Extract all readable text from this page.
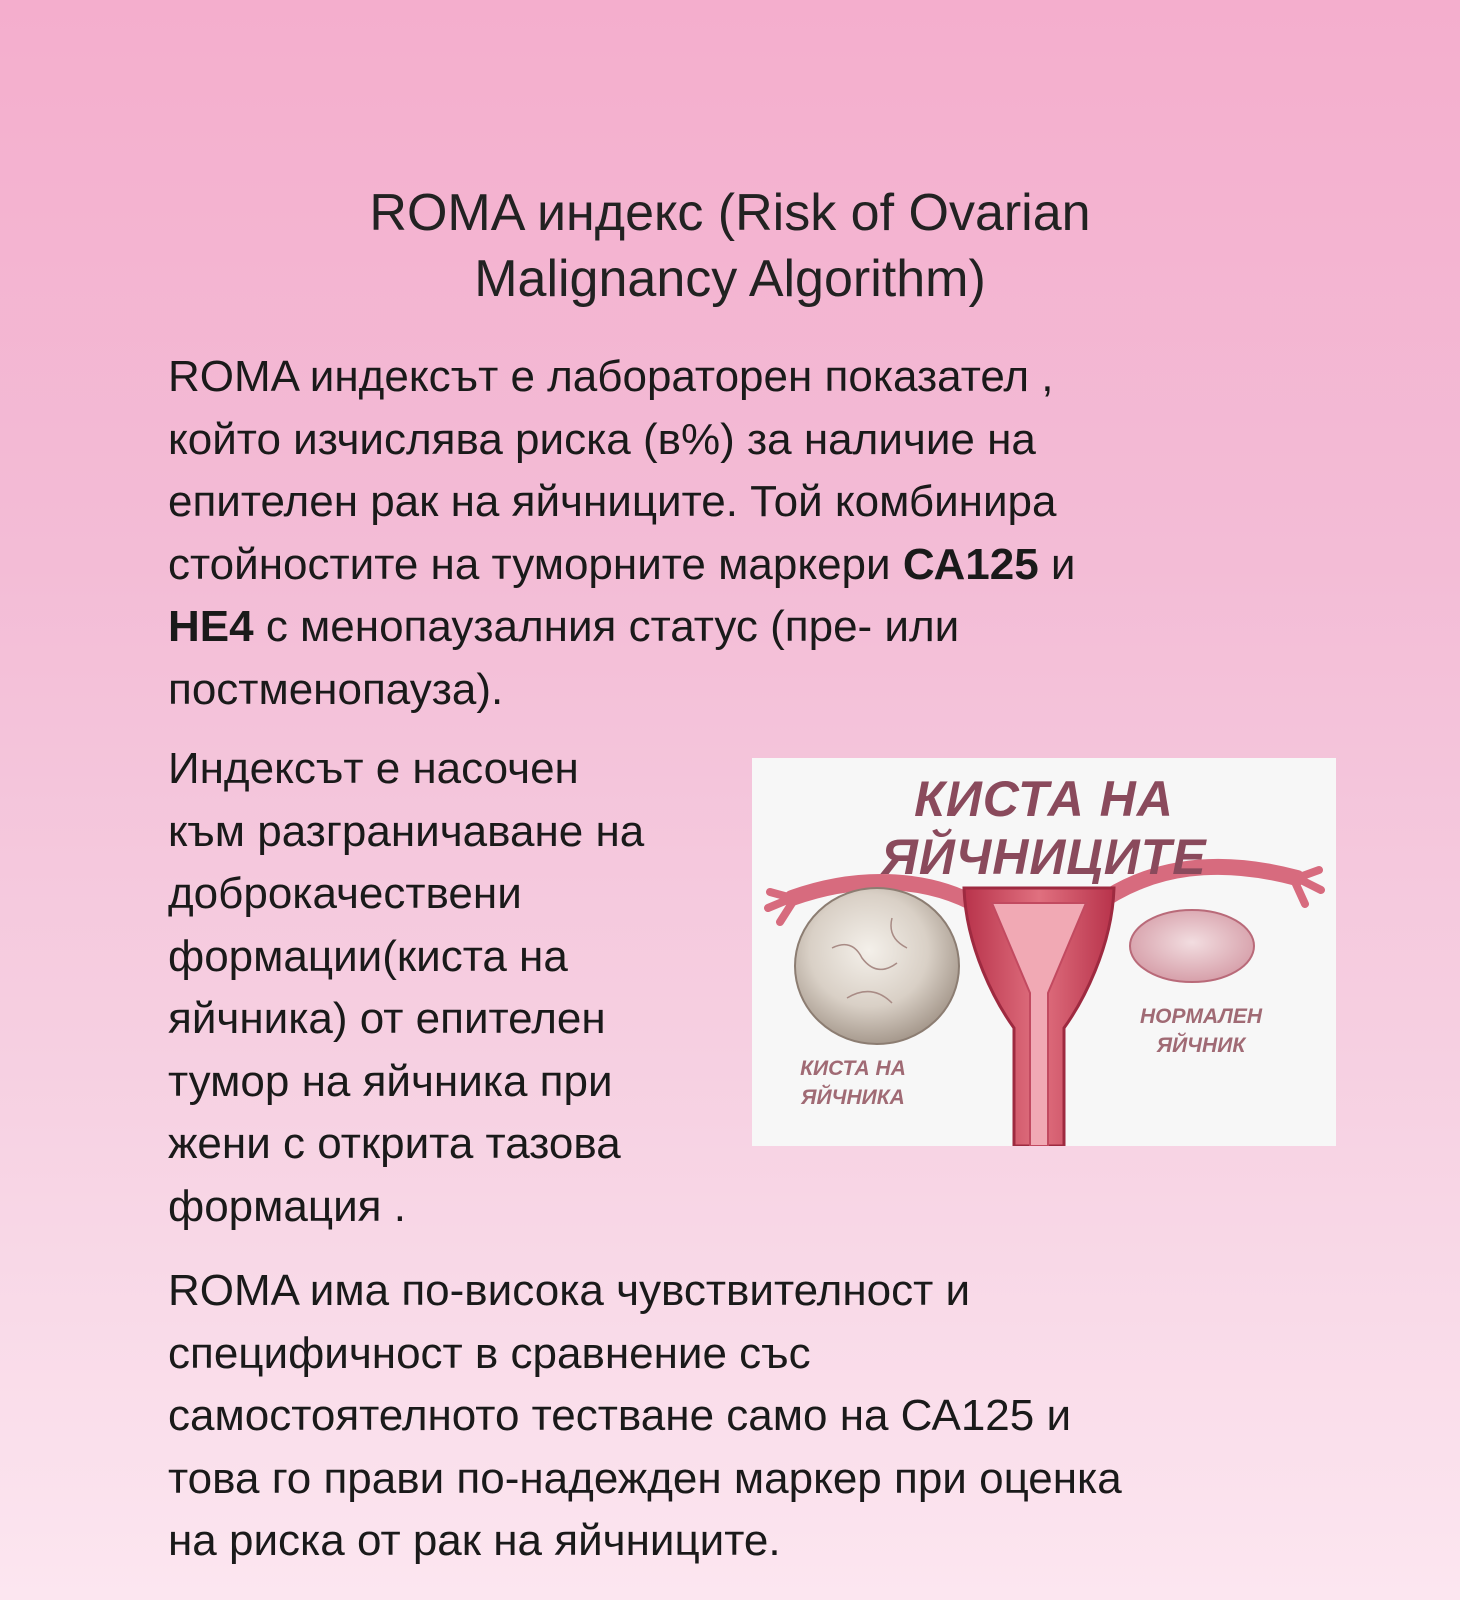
ROMA индекс (Risk of Ovarian
Malignancy Algorithm)
ROMA индексът е лабораторен показател ,
който изчислява риска (в%) за наличие на
епителен рак на яйчниците. Той комбинира
стойностите на туморните маркери СА125 и
НЕ4 с менопаузалния статус (пре- или
постменопауза).
Индексът е насочен
към разграничаване на
доброкачествени
формации(киста на
яйчника) от епителен
тумор на яйчника при
жени с открита тазова
формация .
КИСТА НА ЯЙЧНИЦИТЕ
КИСТА НА
ЯЙЧНИКА
НОРМАЛЕН
ЯЙЧНИК
ROMA има по-висока чувствителност и
специфичност в сравнение със
самостоятелното тестване само на СА125 и
това го прави по-надежден маркер при оценка
на риска от рак на яйчниците.
